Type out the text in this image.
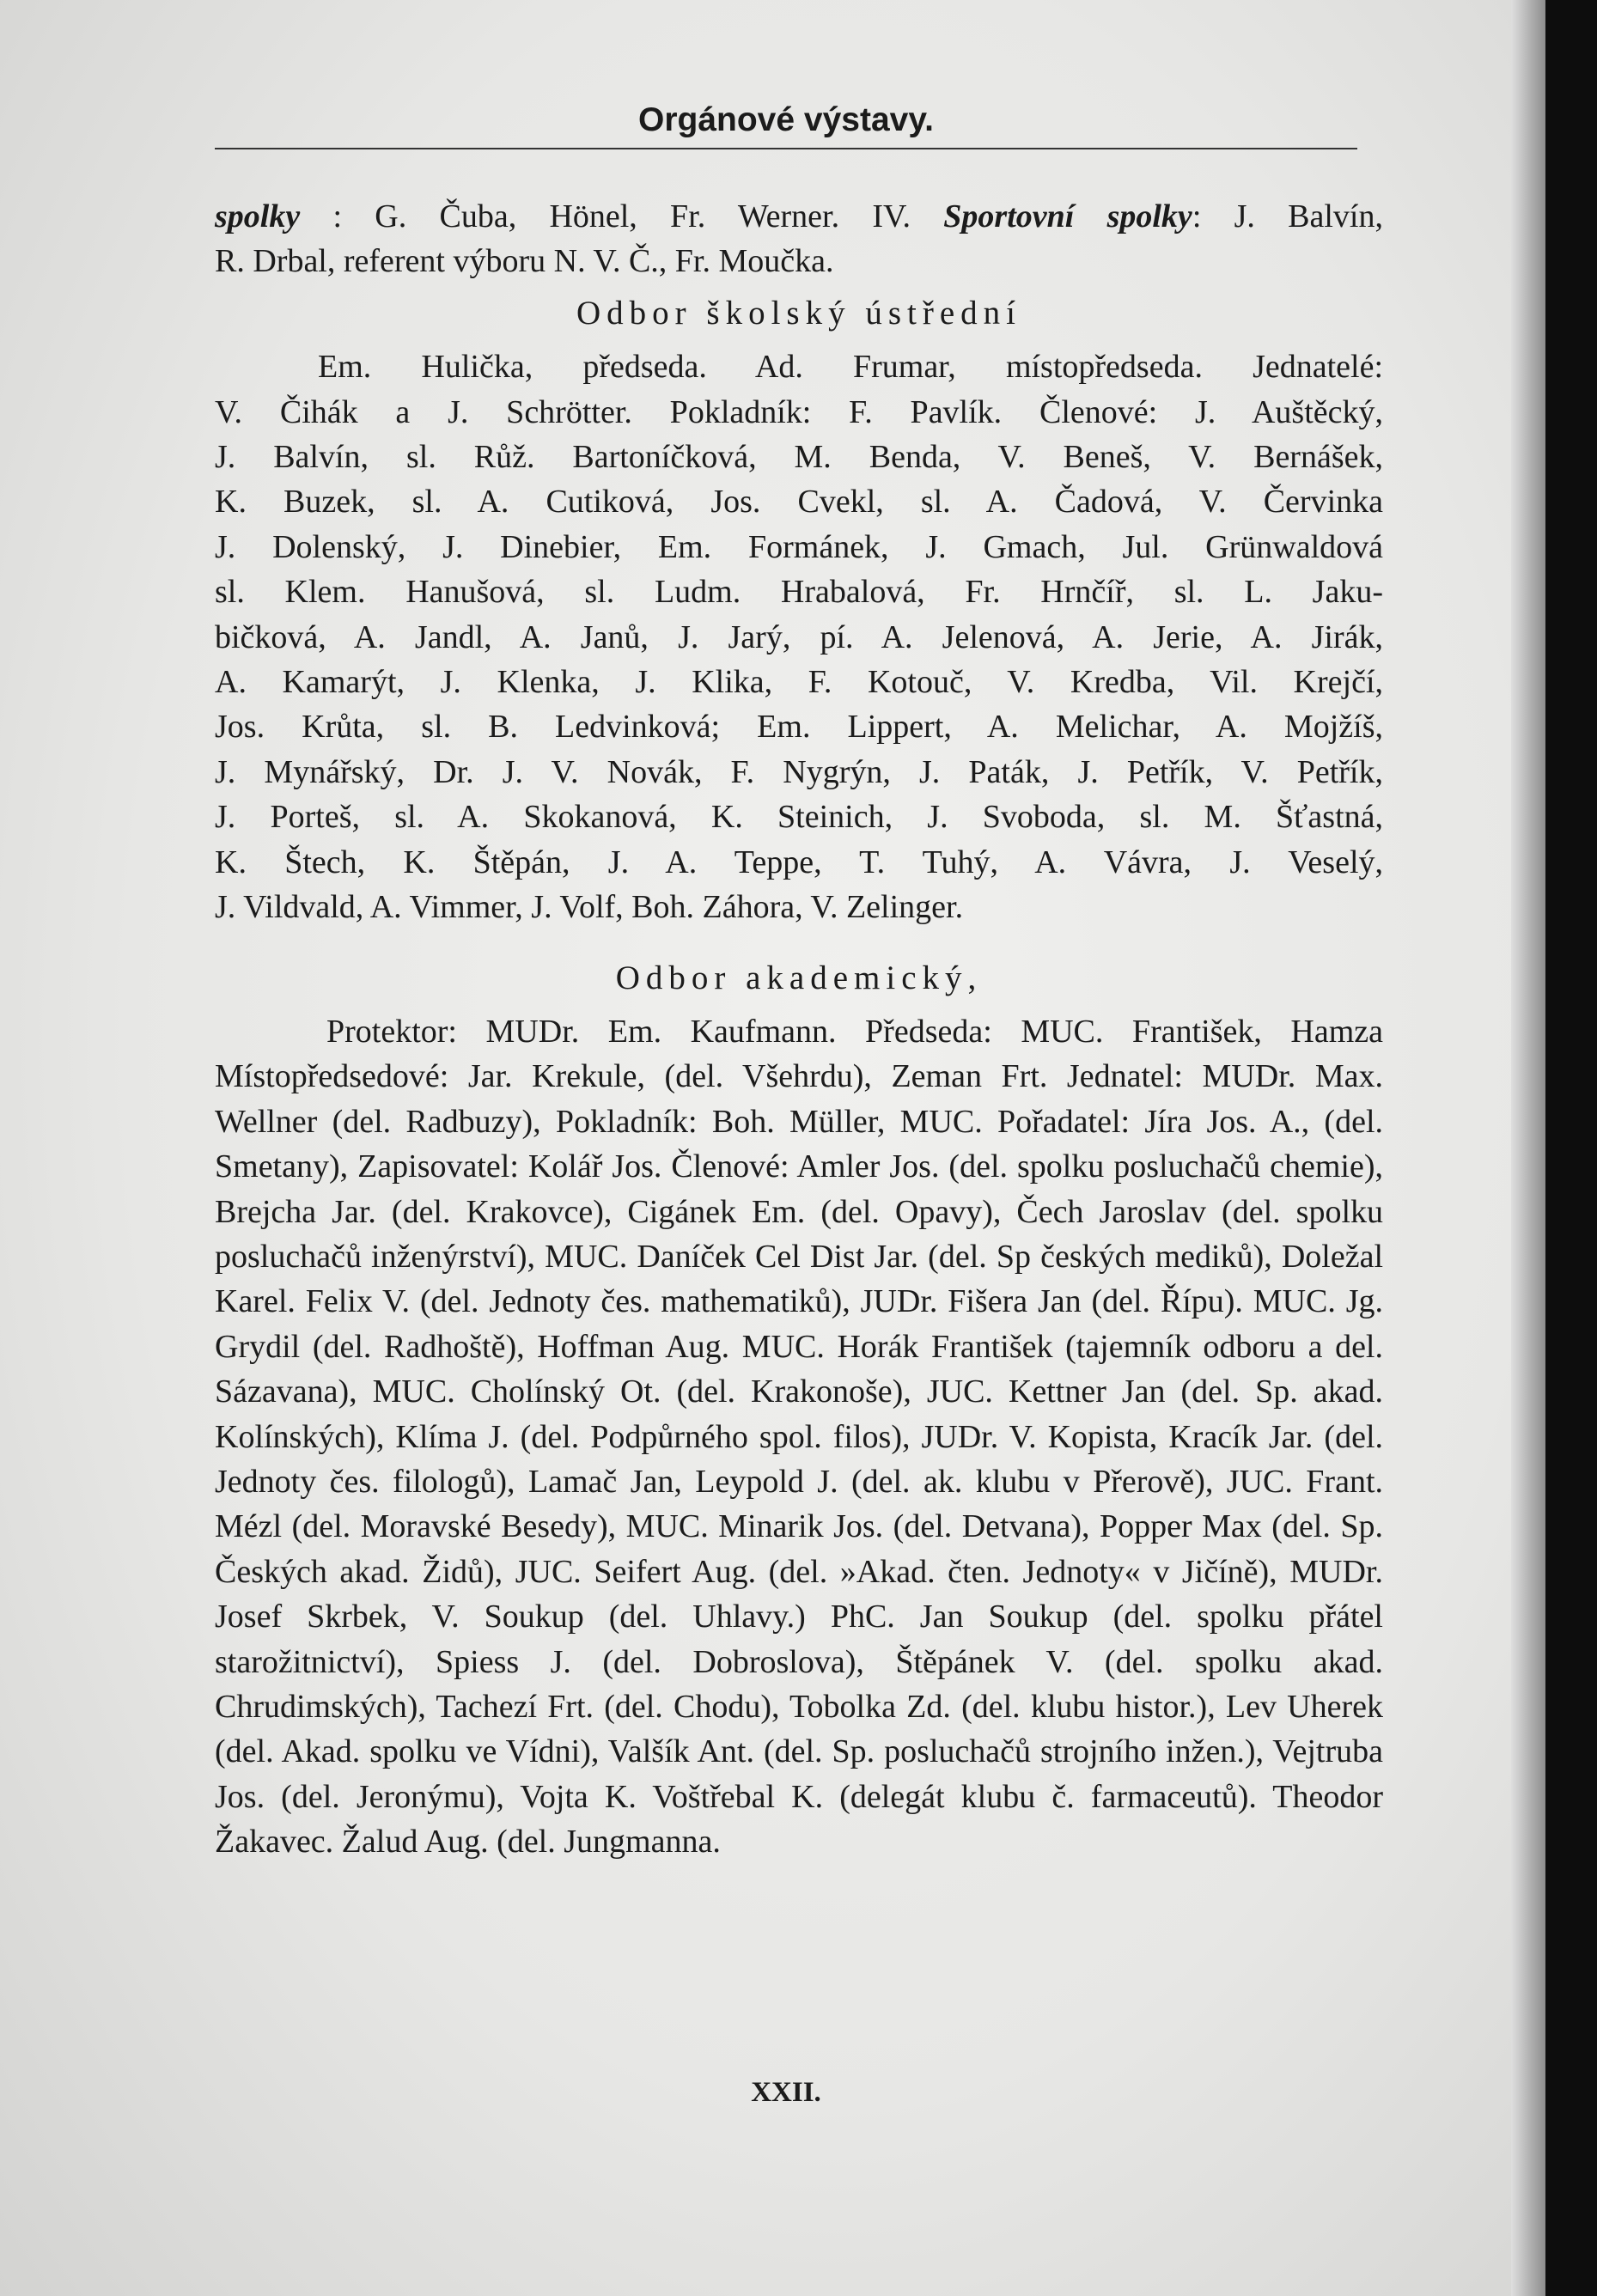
Orgánové výstavy.

spolky : G. Čuba, Hönel, Fr. Werner. IV. Sportovní spolky: J. Balvín,

R. Drbal, referent výboru N. V. Č., Fr. Moučka.

Odbor školský ústřední

Em. Hulička, předseda. Ad. Frumar, místopředseda. Jednatelé:

V. Čihák a J. Schrötter. Pokladník: F. Pavlík. Členové: J. Auštěcký,

J. Balvín, sl. Růž. Bartoníčková, M. Benda, V. Beneš, V. Bernášek,

K. Buzek, sl. A. Cutiková, Jos. Cvekl, sl. A. Čadová, V. Červinka

J. Dolenský, J. Dinebier, Em. Formánek, J. Gmach, Jul. Grünwaldová

sl. Klem. Hanušová, sl. Ludm. Hrabalová, Fr. Hrnčíř, sl. L. Jaku-

bičková, A. Jandl, A. Janů, J. Jarý, pí. A. Jelenová, A. Jerie, A. Jirák,

A. Kamarýt, J. Klenka, J. Klika, F. Kotouč, V. Kredba, Vil. Krejčí,

Jos. Krůta, sl. B. Ledvinková; Em. Lippert, A. Melichar, A. Mojžíš,

J. Mynářský, Dr. J. V. Novák, F. Nygrýn, J. Paták, J. Petřík, V. Petřík,

J. Porteš, sl. A. Skokanová, K. Steinich, J. Svoboda, sl. M. Šťastná,

K. Štech, K. Štěpán, J. A. Teppe, T. Tuhý, A. Vávra, J. Veselý,

J. Vildvald, A. Vimmer, J. Volf, Boh. Záhora, V. Zelinger.

Odbor akademický,

Protektor: MUDr. Em. Kaufmann. Předseda: MUC. František, Hamza Místopředsedové: Jar. Krekule, (del. Všehrdu), Zeman Frt. Jednatel: MUDr. Max. Wellner (del. Radbuzy), Pokladník: Boh. Müller, MUC. Pořadatel: Jíra Jos. A., (del. Smetany), Zapisovatel: Kolář Jos. Členové: Amler Jos. (del. spolku posluchačů chemie), Brejcha Jar. (del. Krakovce), Cigánek Em. (del. Opavy), Čech Jaroslav (del. spolku posluchačů inženýrství), MUC. Daníček Cel Dist Jar. (del. Sp českých mediků), Doležal Karel. Felix V. (del. Jednoty čes. mathematiků), JUDr. Fišera Jan (del. Řípu). MUC. Jg. Grydil (del. Radhoště), Hoffman Aug. MUC. Horák František (tajemník odboru a del. Sázavana), MUC. Cholínský Ot. (del. Krakonoše), JUC. Kettner Jan (del. Sp. akad. Kolínských), Klíma J. (del. Podpůrného spol. filos), JUDr. V. Kopista, Kracík Jar. (del. Jednoty čes. filologů), Lamač Jan, Leypold J. (del. ak. klubu v Přerově), JUC. Frant. Mézl (del. Moravské Besedy), MUC. Minarik Jos. (del. Detvana), Popper Max (del. Sp. Českých akad. Židů), JUC. Seifert Aug. (del. »Akad. čten. Jednoty« v Jičíně), MUDr. Josef Skrbek, V. Soukup (del. Uhlavy.) PhC. Jan Soukup (del. spolku přátel starožitnictví), Spiess J. (del. Dobroslova), Štěpánek V. (del. spolku akad. Chrudimských), Tachezí Frt. (del. Chodu), Tobolka Zd. (del. klubu histor.), Lev Uherek (del. Akad. spolku ve Vídni), Valšík Ant. (del. Sp. posluchačů strojního inžen.), Vejtruba Jos. (del. Jeronýmu), Vojta K. Voštřebal K. (delegát klubu č. farmaceutů). Theodor Žakavec. Žalud Aug. (del. Jungmanna.

XXII.
